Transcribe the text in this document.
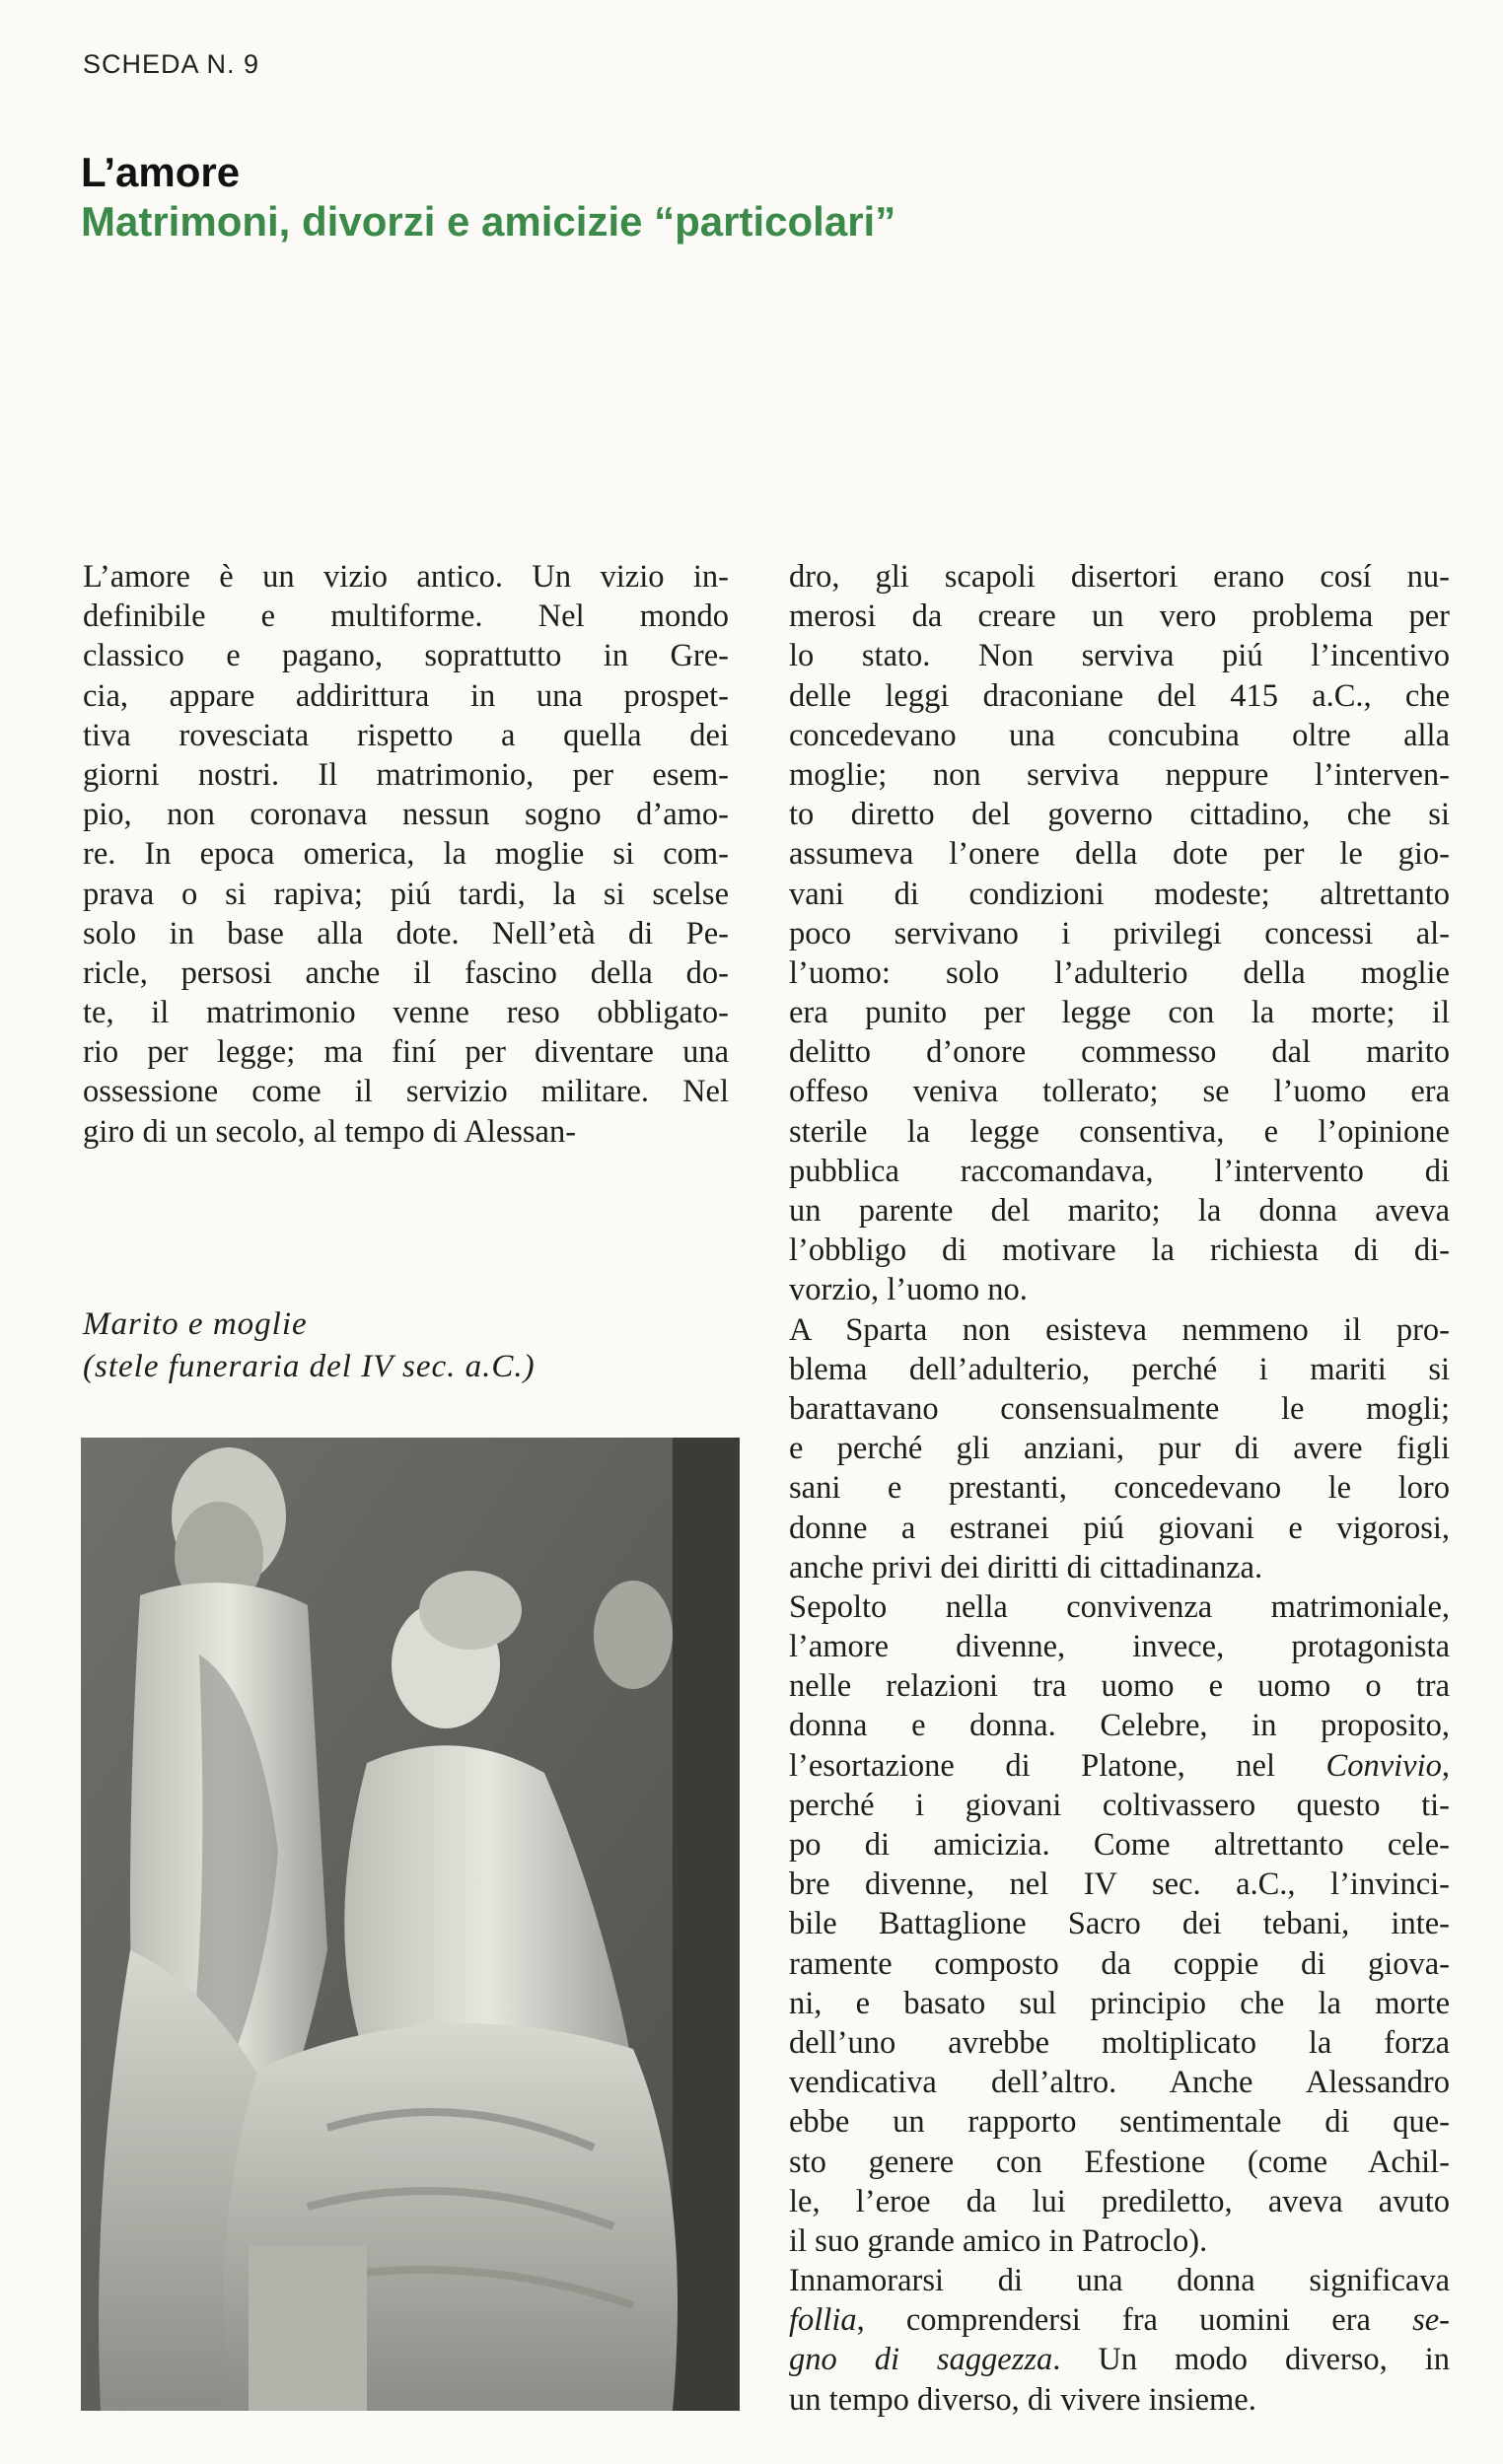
SCHEDA N. 9
L’amore
Matrimoni, divorzi e amicizie “particolari”
L’amore è un vizio antico. Un vizio in-
definibile e multiforme. Nel mondo
classico e pagano, soprattutto in Gre-
cia, appare addirittura in una prospet-
tiva rovesciata rispetto a quella dei
giorni nostri. Il matrimonio, per esem-
pio, non coronava nessun sogno d’amo-
re. In epoca omerica, la moglie si com-
prava o si rapiva; piú tardi, la si scelse
solo in base alla dote. Nell’età di Pe-
ricle, persosi anche il fascino della do-
te, il matrimonio venne reso obbligato-
rio per legge; ma finí per diventare una
ossessione come il servizio militare. Nel
giro di un secolo, al tempo di Alessan-
Marito e moglie
(stele funeraria del IV sec. a.C.)
dro, gli scapoli disertori erano cosí nu-
merosi da creare un vero problema per
lo stato. Non serviva piú l’incentivo
delle leggi draconiane del 415 a.C., che
concedevano una concubina oltre alla
moglie; non serviva neppure l’interven-
to diretto del governo cittadino, che si
assumeva l’onere della dote per le gio-
vani di condizioni modeste; altrettanto
poco servivano i privilegi concessi al-
l’uomo: solo l’adulterio della moglie
era punito per legge con la morte; il
delitto d’onore commesso dal marito
offeso veniva tollerato; se l’uomo era
sterile la legge consentiva, e l’opinione
pubblica raccomandava, l’intervento di
un parente del marito; la donna aveva
l’obbligo di motivare la richiesta di di-
vorzio, l’uomo no.
A Sparta non esisteva nemmeno il pro-
blema dell’adulterio, perché i mariti si
barattavano consensualmente le mogli;
e perché gli anziani, pur di avere figli
sani e prestanti, concedevano le loro
donne a estranei piú giovani e vigorosi,
anche privi dei diritti di cittadinanza.
Sepolto nella convivenza matrimoniale,
l’amore divenne, invece, protagonista
nelle relazioni tra uomo e uomo o tra
donna e donna. Celebre, in proposito,
l’esortazione di Platone, nel Convivio,
perché i giovani coltivassero questo ti-
po di amicizia. Come altrettanto cele-
bre divenne, nel IV sec. a.C., l’invinci-
bile Battaglione Sacro dei tebani, inte-
ramente composto da coppie di giova-
ni, e basato sul principio che la morte
dell’uno avrebbe moltiplicato la forza
vendicativa dell’altro. Anche Alessandro
ebbe un rapporto sentimentale di que-
sto genere con Efestione (come Achil-
le, l’eroe da lui prediletto, aveva avuto
il suo grande amico in Patroclo).
Innamorarsi di una donna significava
follia, comprendersi fra uomini era se-
gno di saggezza. Un modo diverso, in
un tempo diverso, di vivere insieme.
